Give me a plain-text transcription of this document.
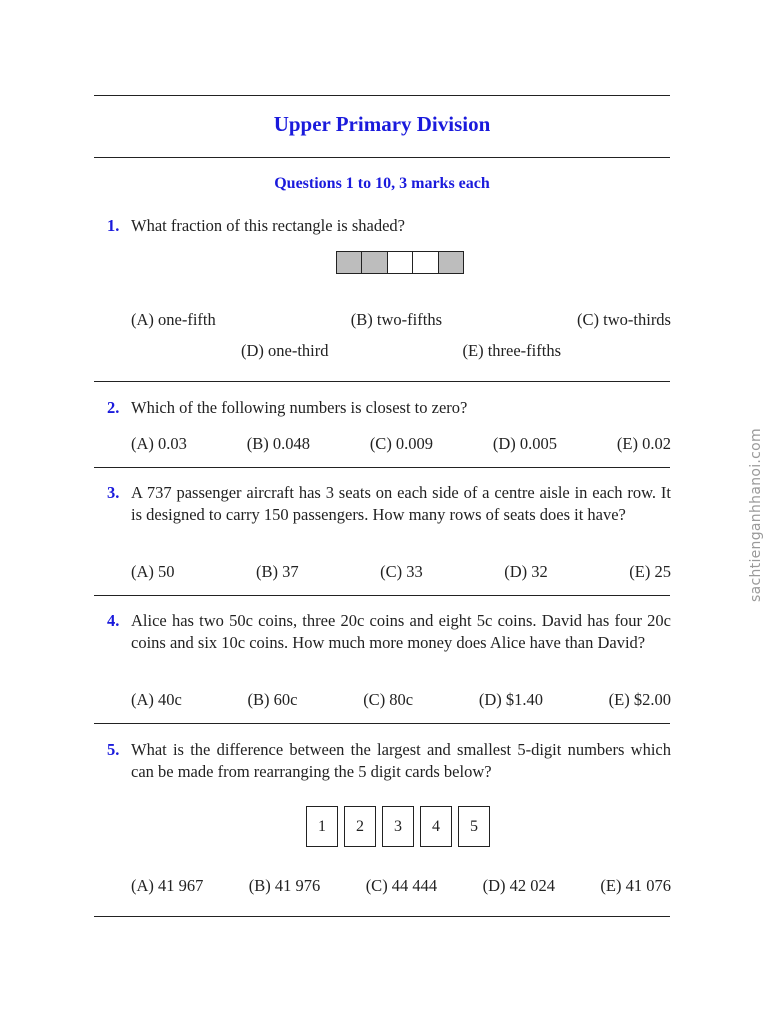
Upper Primary Division
Questions 1 to 10, 3 marks each
1. What fraction of this rectangle is shaded?
(A) one-fifth	(B) two-fifths	(C) two-thirds
(D) one-third	(E) three-fifths
2. Which of the following numbers is closest to zero?
(A) 0.03	(B) 0.048	(C) 0.009	(D) 0.005	(E) 0.02
3. A 737 passenger aircraft has 3 seats on each side of a centre aisle in each row. It is designed to carry 150 passengers. How many rows of seats does it have?
(A) 50	(B) 37	(C) 33	(D) 32	(E) 25
4. Alice has two 50c coins, three 20c coins and eight 5c coins. David has four 20c coins and six 10c coins. How much more money does Alice have than David?
(A) 40c	(B) 60c	(C) 80c	(D) $1.40	(E) $2.00
5. What is the difference between the largest and smallest 5-digit numbers which can be made from rearranging the 5 digit cards below?
1	2	3	4	5
(A) 41 967	(B) 41 976	(C) 44 444	(D) 42 024	(E) 41 076
sachtienganhhanoi.com
